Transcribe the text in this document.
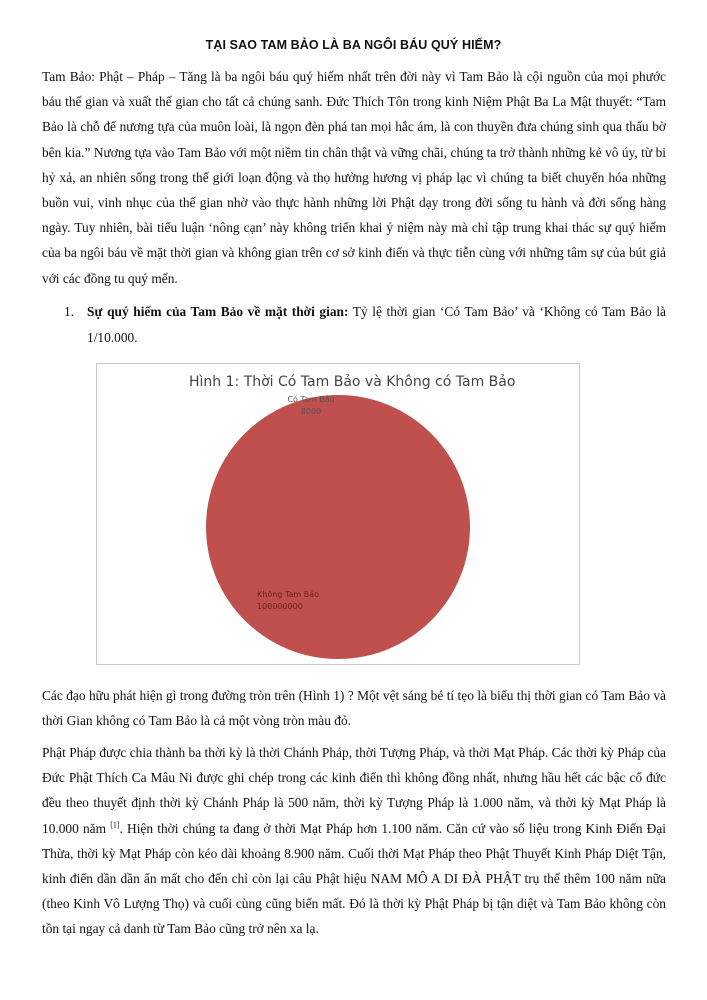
TẠI SAO TAM BẢO LÀ BA NGÔI BÁU QUÝ HIẾM?

Tam Bảo: Phật – Pháp – Tăng là ba ngôi báu quý hiếm nhất trên đời này vì Tam Bảo là cội nguồn của mọi phước báu thế gian và xuất thế gian cho tất cả chúng sanh. Đức Thích Tôn trong kinh Niệm Phật Ba La Mật thuyết: “Tam Bảo là chỗ để nương tựa của muôn loài, là ngọn đèn phá tan mọi hắc ám, là con thuyền đưa chúng sinh qua thấu bờ bên kia.” Nương tựa vào Tam Bảo với một niềm tin chân thật và vững chãi, chúng ta trở thành những kẻ vô úy, từ bi hỷ xả, an nhiên sống trong thế giới loạn động và thọ hưởng hương vị pháp lạc vì chúng ta biết chuyển hóa những buồn vui, vinh nhục của thế gian nhờ vào thực hành những lời Phật dạy trong đời sống tu hành và đời sống hàng ngày. Tuy nhiên, bài tiểu luận ‘nông cạn’ này không triển khai ý niệm này mà chỉ tập trung khai thác sự quý hiếm của ba ngôi báu về mặt thời gian và không gian trên cơ sở kinh điển và thực tiễn cùng với những tâm sự của bút giả với các đồng tu quý mến.

1. Sự quý hiếm của Tam Bảo về mặt thời gian: Tỷ lệ thời gian ‘Có Tam Bảo’ và ‘Không có Tam Bảo là 1/10.000.
Hình 1: Thời Có Tam Bảo và Không có Tam Bảo
Có Tam Bảo
8000
Không Tam Bảo
100000000

Các đạo hữu phát hiện gì trong đường tròn trên (Hình 1) ? Một vệt sáng bé tí tẹo là biểu thị thời gian có Tam Bảo và thời Gian không có Tam Bảo là cả một vòng tròn màu đỏ.

Phật Pháp được chia thành ba thời kỳ là thời Chánh Pháp, thời Tượng Pháp, và thời Mạt Pháp. Các thời kỳ Pháp của Đức Phật Thích Ca Mâu Ni được ghi chép trong các kinh điển thì không đồng nhất, nhưng hầu hết các bậc cổ đức đều theo thuyết định thời kỳ Chánh Pháp là 500 năm, thời kỳ Tượng Pháp là 1.000 năm, và thời kỳ Mạt Pháp là 10.000 năm [1]. Hiện thời chúng ta đang ở thời Mạt Pháp hơn 1.100 năm. Căn cứ vào số liệu trong Kinh Điển Đại Thừa, thời kỳ Mạt Pháp còn kéo dài khoảng 8.900 năm. Cuối thời Mạt Pháp theo Phật Thuyết Kinh Pháp Diệt Tận, kinh điển dần dần ẩn mất cho đến chỉ còn lại câu Phật hiệu NAM MÔ A DI ĐÀ PHẬT trụ thế thêm 100 năm nữa (theo Kinh Vô Lượng Thọ) và cuối cùng cũng biến mất. Đó là thời kỳ Phật Pháp bị tận diệt và Tam Bảo không còn tồn tại ngay cả danh từ Tam Bảo cũng trở nên xa lạ.
